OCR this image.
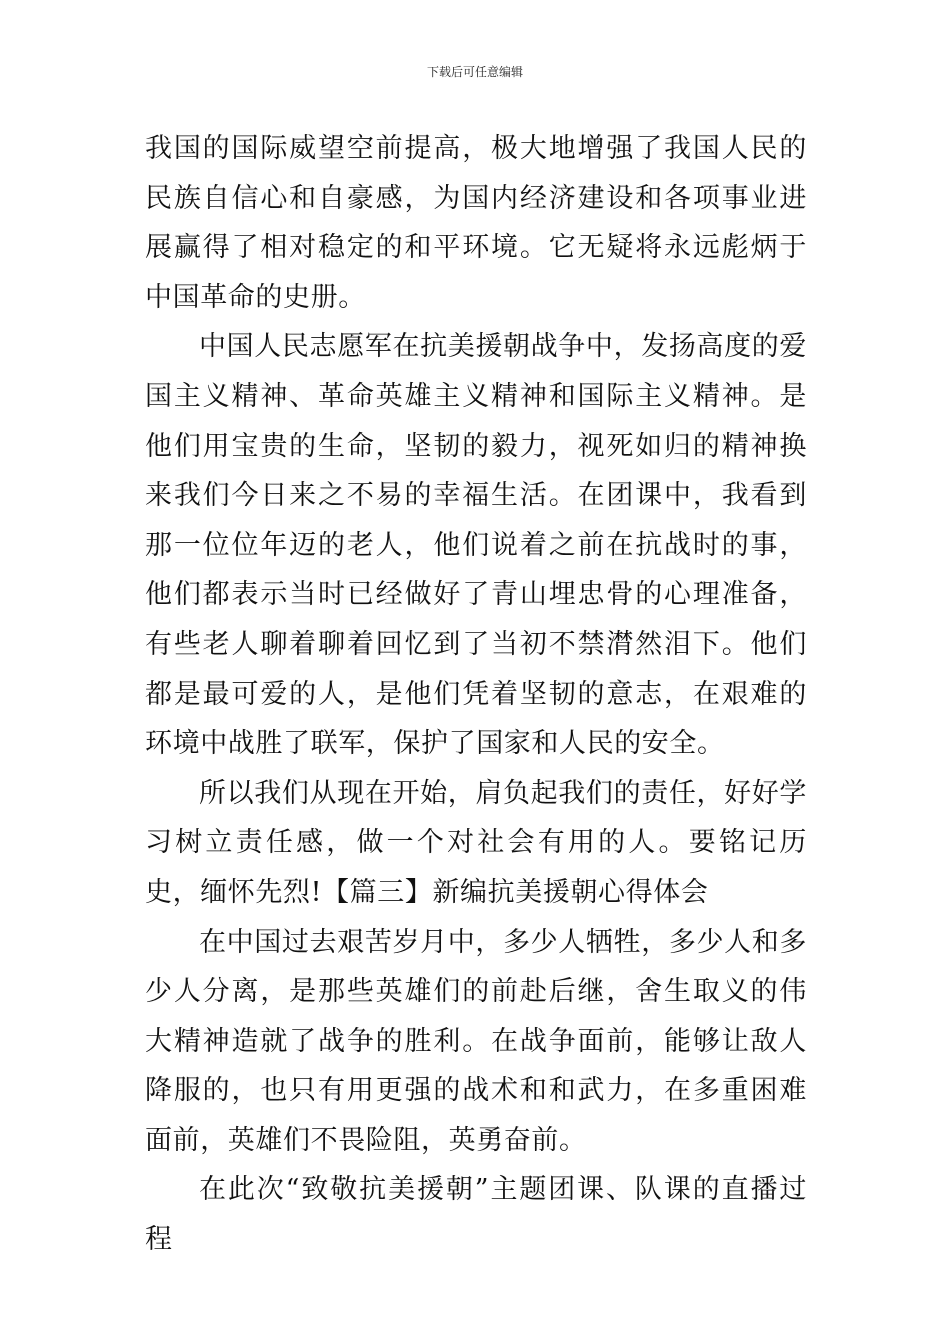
下载后可任意编辑

我国的国际威望空前提高，极大地增强了我国人民的民族自信心和自豪感，为国内经济建设和各项事业进展赢得了相对稳定的和平环境。它无疑将永远彪炳于中国革命的史册。

中国人民志愿军在抗美援朝战争中，发扬高度的爱国主义精神、革命英雄主义精神和国际主义精神。是他们用宝贵的生命，坚韧的毅力，视死如归的精神换来我们今日来之不易的幸福生活。在团课中，我看到那一位位年迈的老人，他们说着之前在抗战时的事，他们都表示当时已经做好了青山埋忠骨的心理准备，有些老人聊着聊着回忆到了当初不禁潸然泪下。他们都是最可爱的人，是他们凭着坚韧的意志，在艰难的环境中战胜了联军，保护了国家和人民的安全。

所以我们从现在开始，肩负起我们的责任，好好学习树立责任感，做一个对社会有用的人。要铭记历史，缅怀先烈!【篇三】新编抗美援朝心得体会

在中国过去艰苦岁月中，多少人牺牲，多少人和多少人分离，是那些英雄们的前赴后继，舍生取义的伟大精神造就了战争的胜利。在战争面前，能够让敌人降服的，也只有用更强的战术和和武力，在多重困难面前，英雄们不畏险阻，英勇奋前。

在此次“致敬抗美援朝”主题团课、队课的直播过程
